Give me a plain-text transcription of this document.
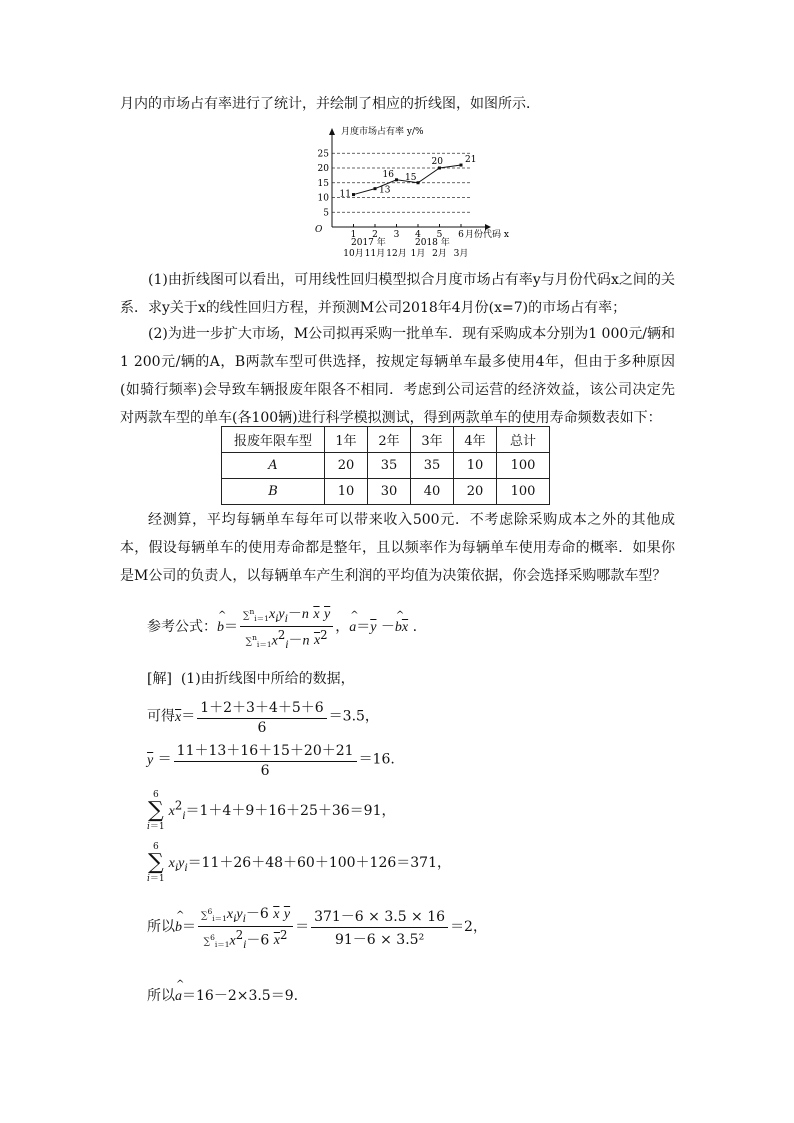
月内的市场占有率进行了统计，并绘制了相应的折线图，如图所示．
月度市场占有率 y/%
月份代码 x
O
5
10
15
20
25
1 2 3 4 5 6
11	13
16 15
20 21
2017 年	2018 年
10月 11月 12月 1月 2月 3月
(1)由折线图可以看出，可用线性回归模型拟合月度市场占有率y与月份代码x之间的关系．求y关于x的线性回归方程，并预测M公司2018年4月份(x=7)的市场占有率；
(2)为进一步扩大市场，M公司拟再采购一批单车．现有采购成本分别为1 000元/辆和1 200元/辆的A，B两款车型可供选择，按规定每辆单车最多使用4年，但由于多种原因(如骑行频率)会导致车辆报废年限各不相同．考虑到公司运营的经济效益，该公司决定先对两款车型的单车(各100辆)进行科学模拟测试，得到两款单车的使用寿命频数表如下：
报废年限车型	1年	2年	3年	4年	总计
A	20	35	35	10	100
B	10	30	40	20	100
经测算，平均每辆单车每年可以带来收入500元．不考虑除采购成本之外的其他成本，假设每辆单车的使用寿命都是整年，且以频率作为每辆单车使用寿命的概率．如果你是M公司的负责人，以每辆单车产生利润的平均值为决策依据，你会选择采购哪款车型？
参考公式：^ $b= \frac{\sum^n_{i=1}x_iy_i-n \overline{x} \overline{y}}{\sum^n_{i=1}x^2_i-n \overline{x}^2}$ ，^ $a=\overline{y}$ －^ $b\overline{x}$ .
[解] (1)由折线图中所给的数据，
可得$\overline{x}= \frac{1+2+3+4+5+6}{6} =3.5$，
$\overline{y} = \frac{11+13+16+15+20+21}{6} =16$.
6
∑
$i=1x^2_i=1+4+9+16+25+36=91$，
6
∑
$i=1x_iy_i=11+26+48+60+100+126=371$，
所以^ $b= \frac{\sum^6_{i=1}x_iy_i-6 \overline{x} \overline{y}}{\sum^6_{i=1}x^2_i-6 \overline{x}^2} = \frac{371-6 \times 3.5 \times 16}{\text{91－6 × 3.5²}} =2$，
所以^ a＝16－2×3.5＝9.
